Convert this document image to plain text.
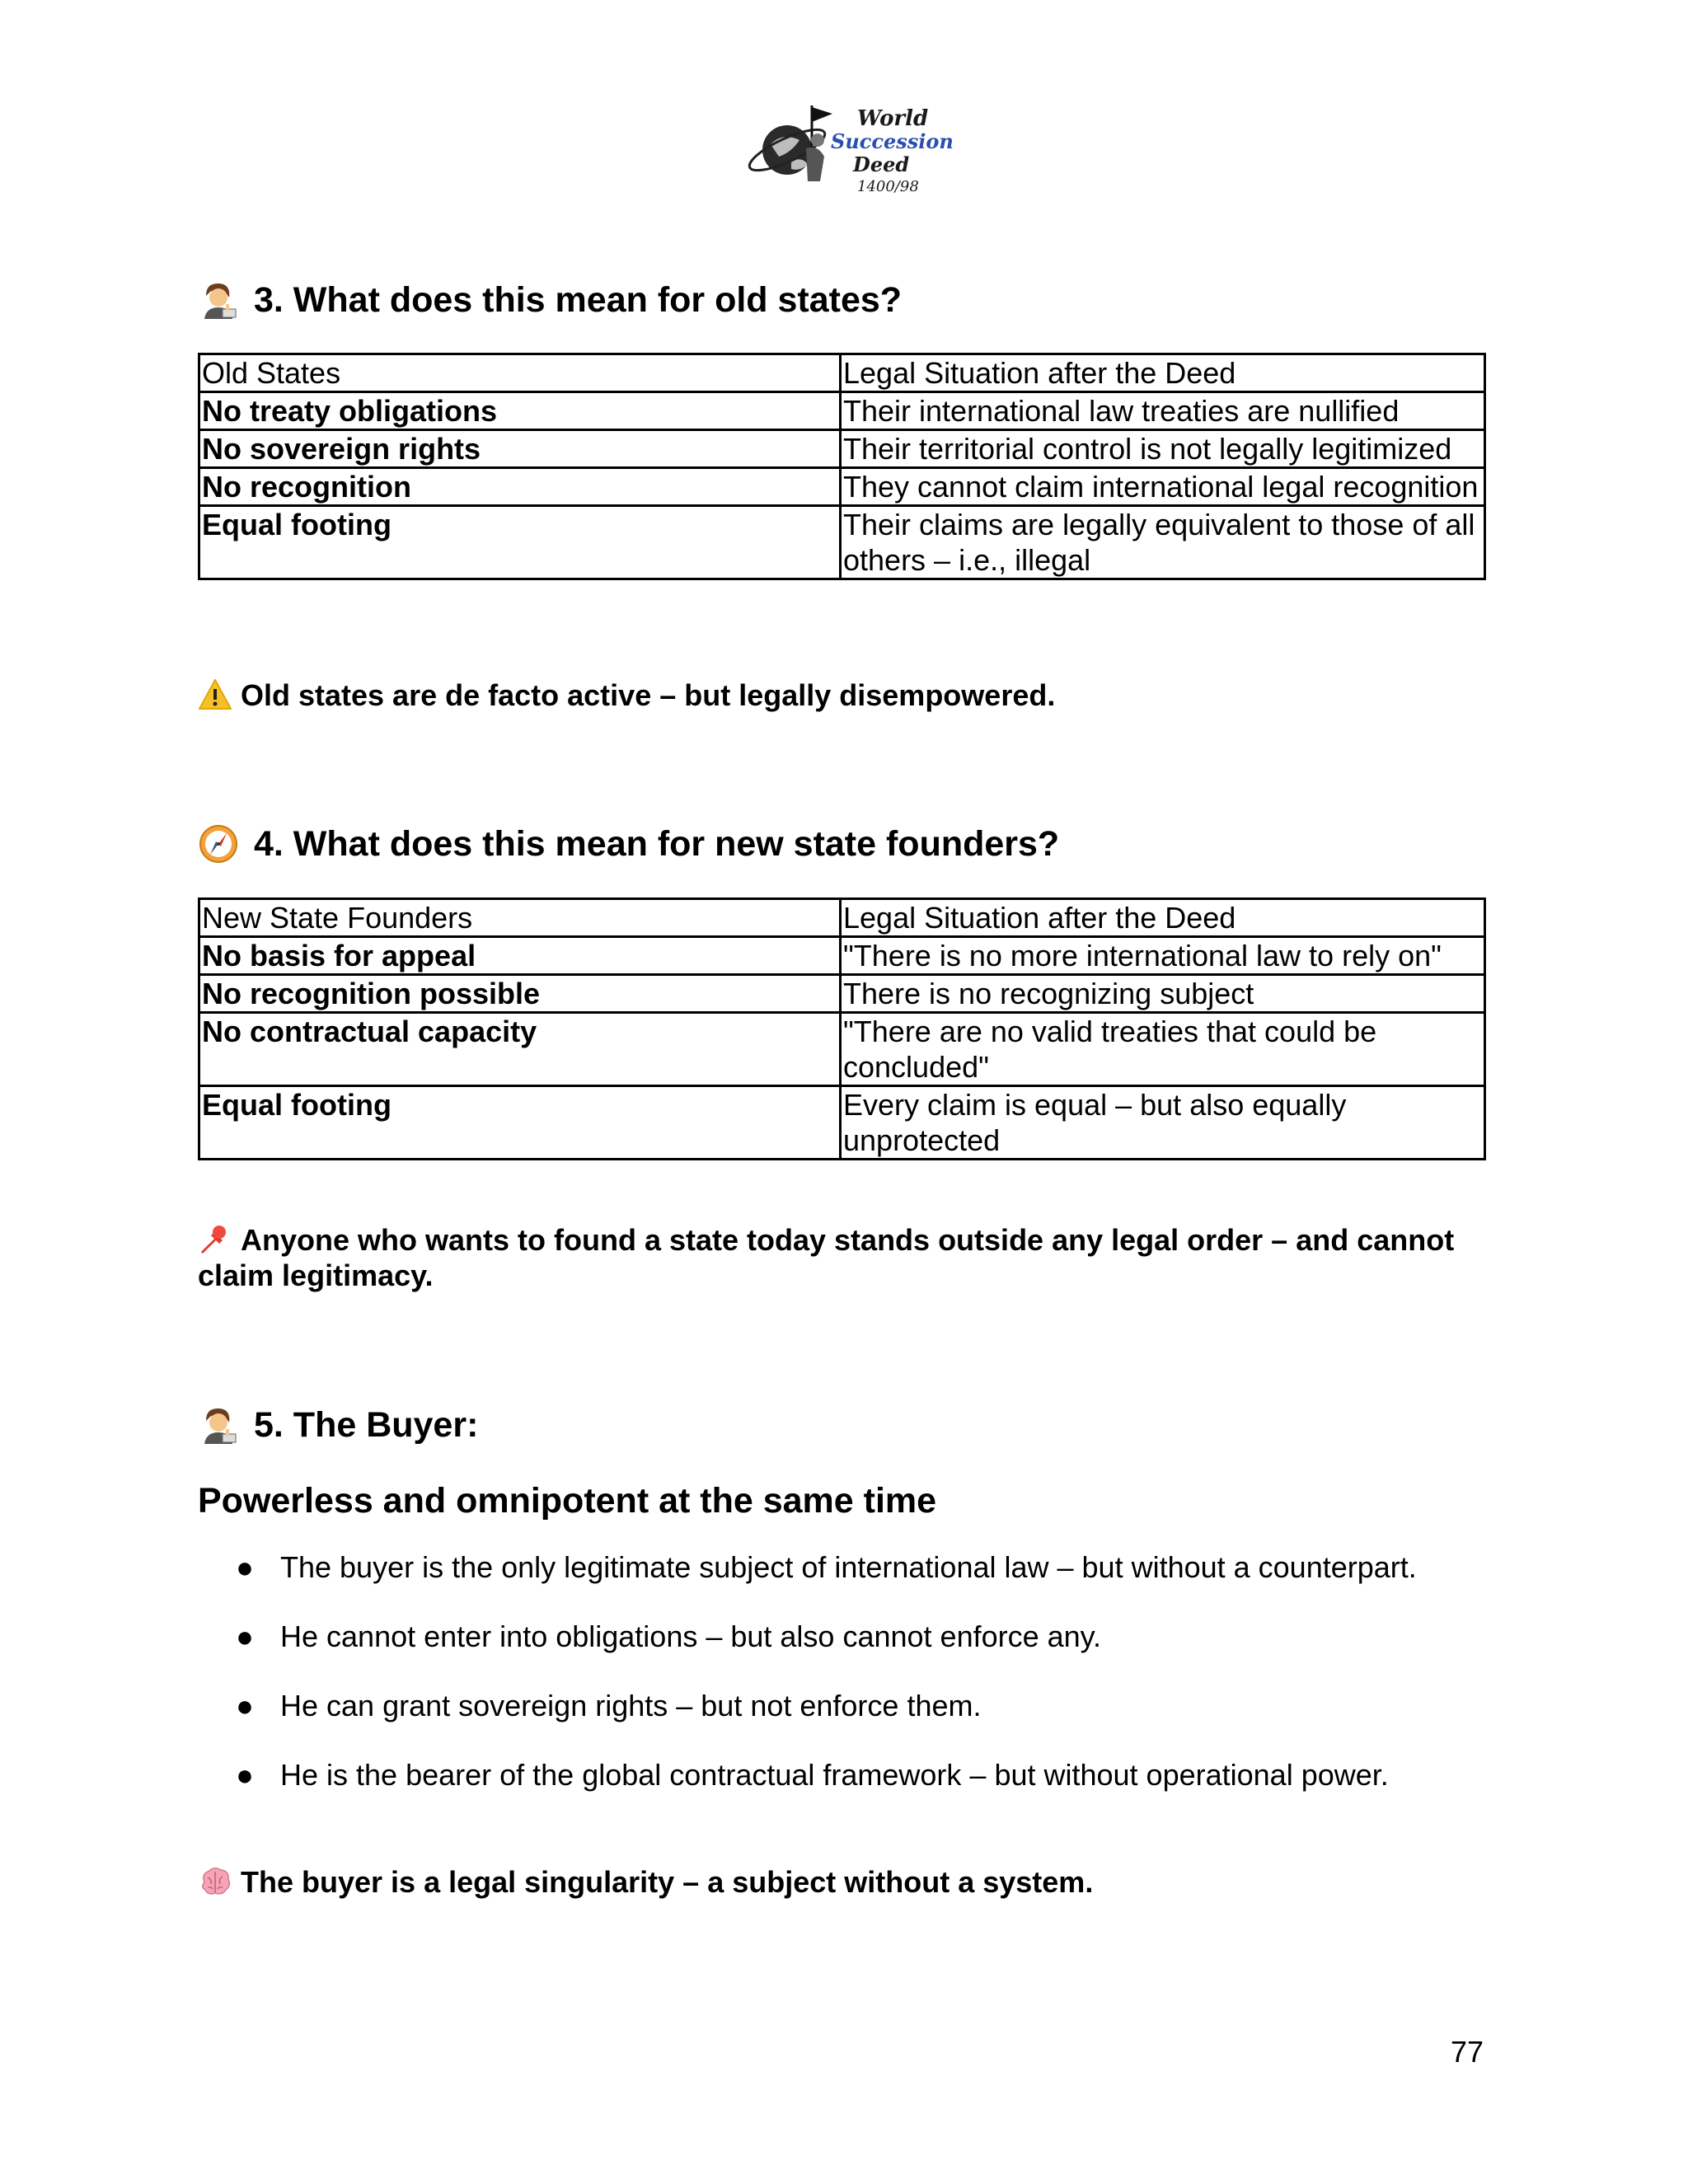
World
Succession
Deed
1400/98
3. What does this mean for old states?
Old States	Legal Situation after the Deed
No treaty obligations	Their international law treaties are nullified
No sovereign rights	Their territorial control is not legally legitimized
No recognition	They cannot claim international legal recognition
Equal footing	Their claims are legally equivalent to those of all others – i.e., illegal

Old states are de facto active – but legally disempowered.

4. What does this mean for new state founders?
New State Founders	Legal Situation after the Deed
No basis for appeal	"There is no more international law to rely on"
No recognition possible	There is no recognizing subject
No contractual capacity	"There are no valid treaties that could be concluded"
Equal footing	Every claim is equal – but also equally unprotected

Anyone who wants to found a state today stands outside any legal order – and cannot claim legitimacy.

5. The Buyer:
Powerless and omnipotent at the same time
● The buyer is the only legitimate subject of international law – but without a counterpart.
● He cannot enter into obligations – but also cannot enforce any.
● He can grant sovereign rights – but not enforce them.
● He is the bearer of the global contractual framework – but without operational power.

The buyer is a legal singularity – a subject without a system.

77
